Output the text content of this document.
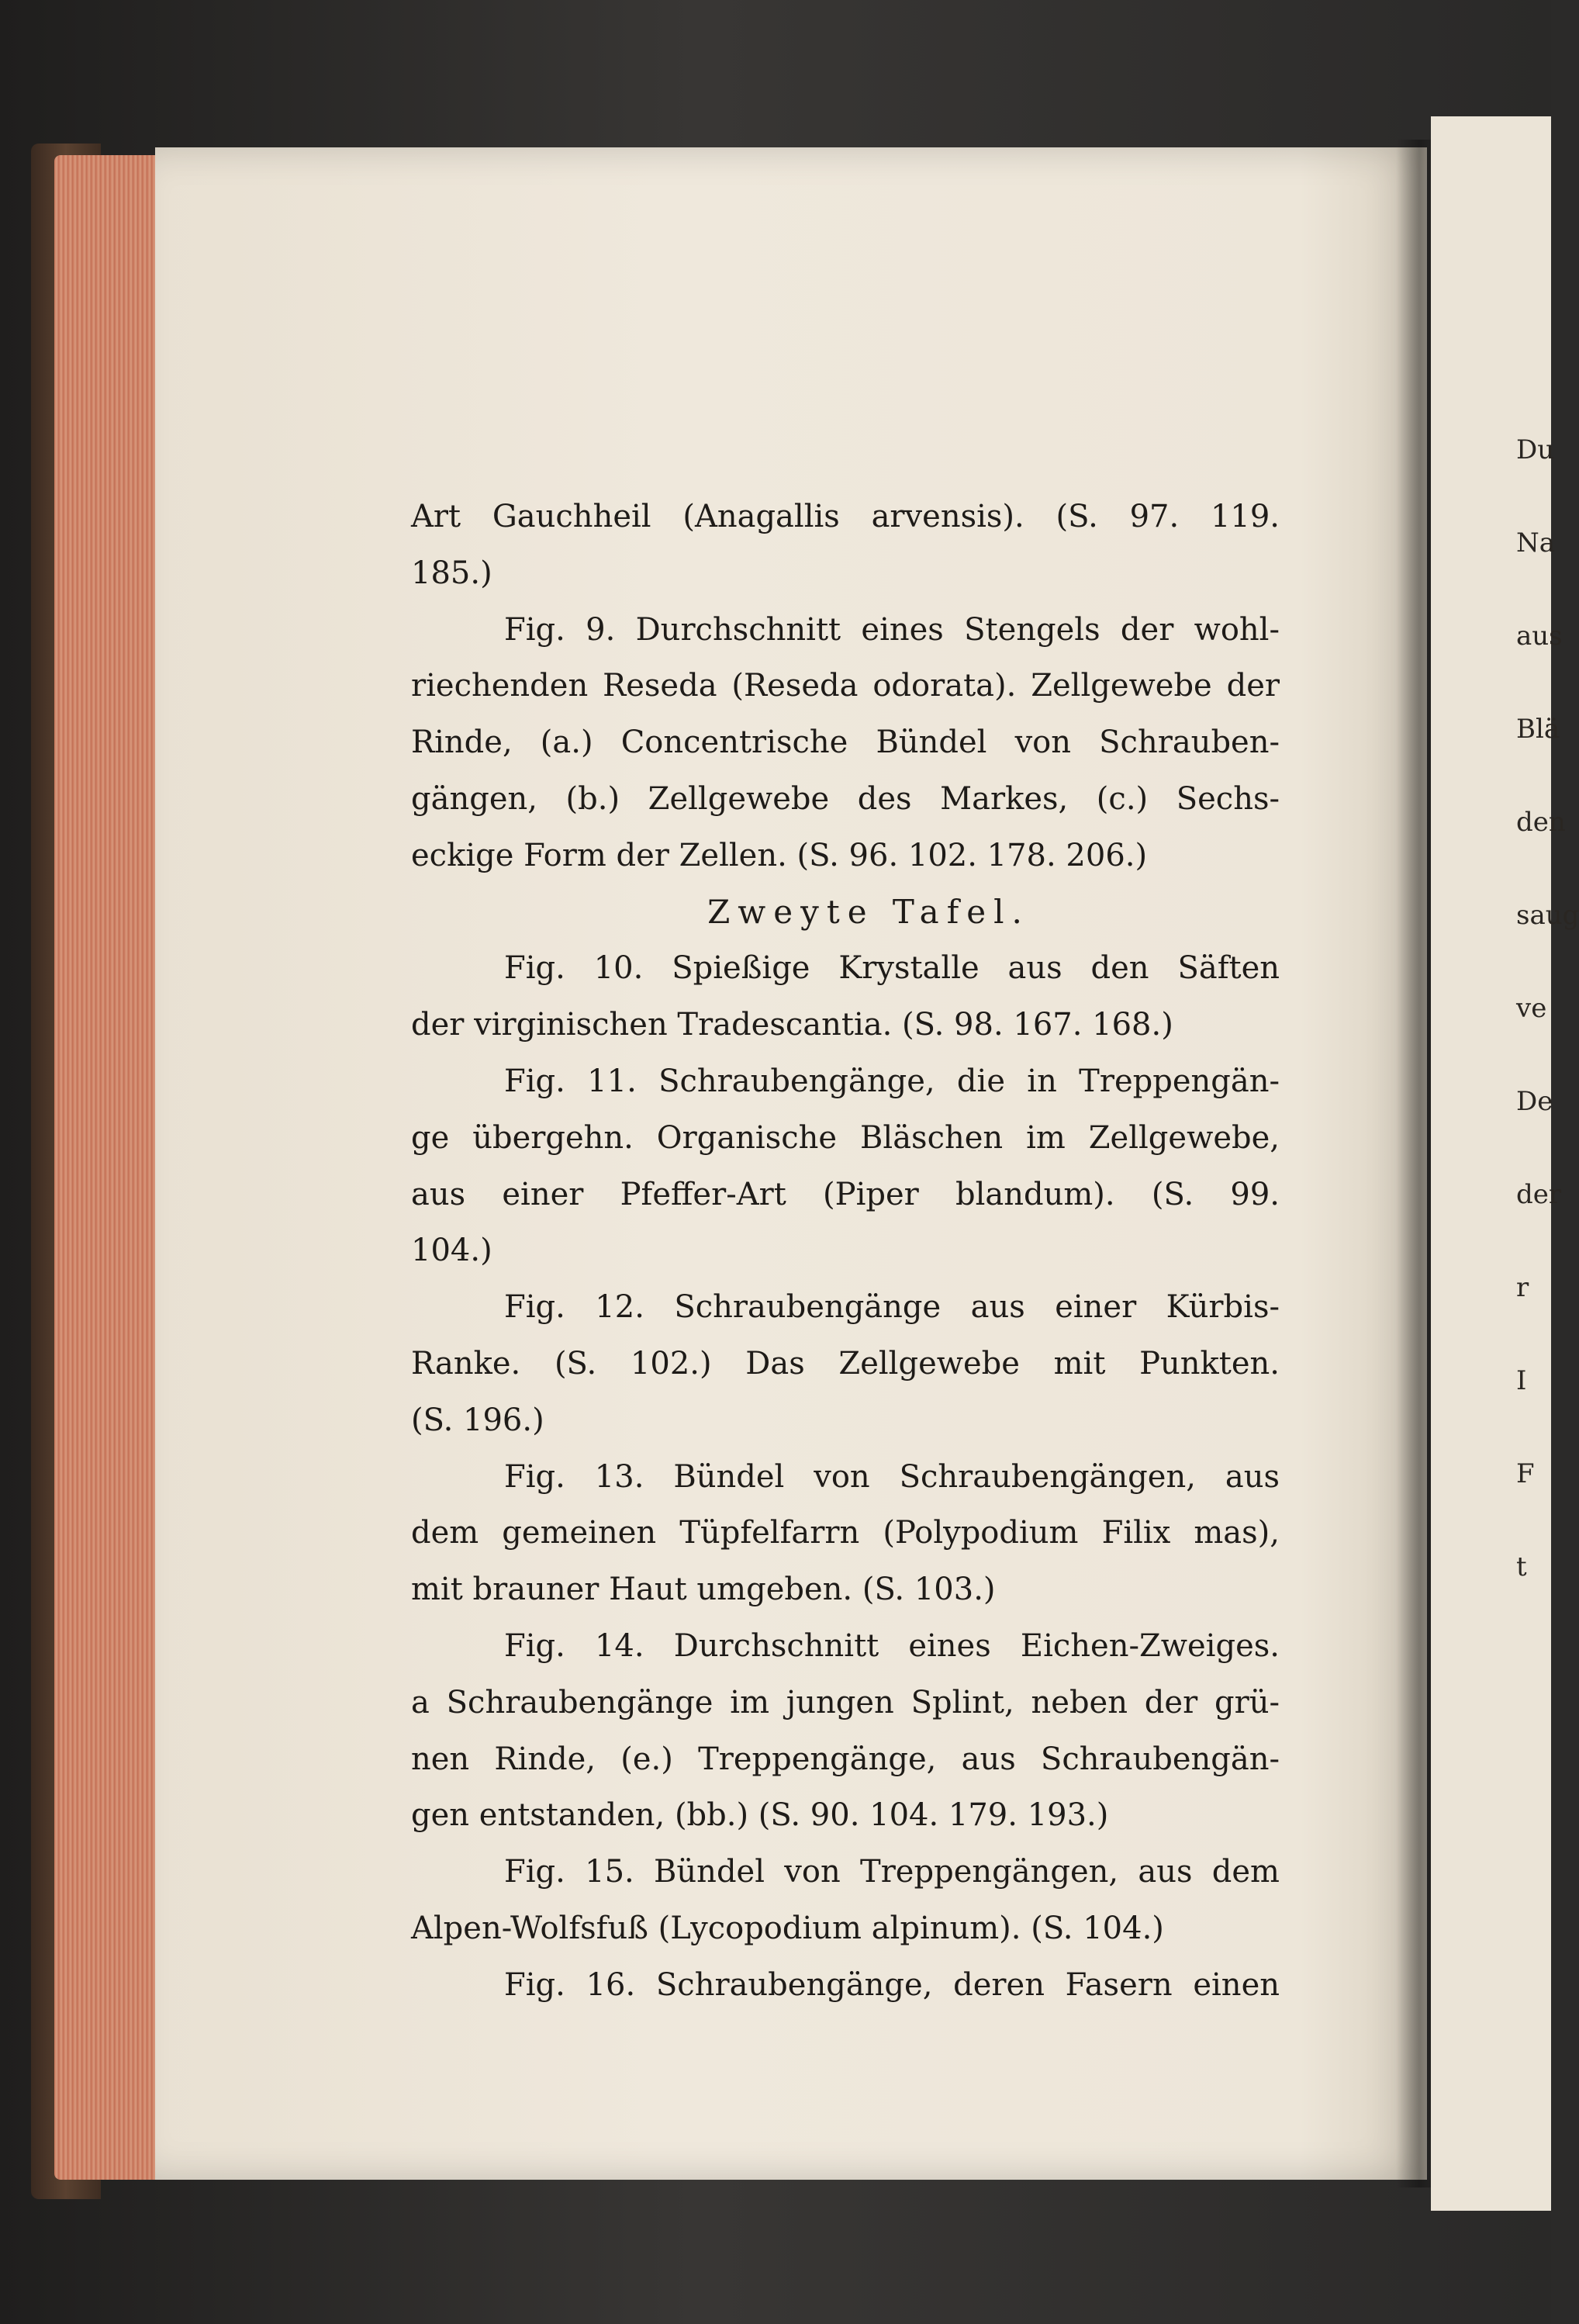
Art Gauchheil (Anagallis arvensis). (S. 97. 119.
185.)
Fig. 9. Durchschnitt eines Stengels der wohl-
riechenden Reseda (Reseda odorata). Zellgewebe der
Rinde, (a.) Concentrische Bündel von Schrauben-
gängen, (b.) Zellgewebe des Markes, (c.) Sechs-
eckige Form der Zellen. (S. 96. 102. 178. 206.)
Zweyte Tafel.
Fig. 10. Spießige Krystalle aus den Säften
der virginischen Tradescantia. (S. 98. 167. 168.)
Fig. 11. Schraubengänge, die in Treppengän-
ge übergehn. Organische Bläschen im Zellgewebe,
aus einer Pfeffer-Art (Piper blandum). (S. 99.
104.)
Fig. 12. Schraubengänge aus einer Kürbis-
Ranke. (S. 102.) Das Zellgewebe mit Punkten.
(S. 196.)
Fig. 13. Bündel von Schraubengängen, aus
dem gemeinen Tüpfelfarrn (Polypodium Filix mas),
mit brauner Haut umgeben. (S. 103.)
Fig. 14. Durchschnitt eines Eichen-Zweiges.
a Schraubengänge im jungen Splint, neben der grü-
nen Rinde, (e.) Treppengänge, aus Schraubengän-
gen entstanden, (bb.) (S. 90. 104. 179. 193.)
Fig. 15. Bündel von Treppengängen, aus dem
Alpen-Wolfsfuß (Lycopodium alpinum). (S. 104.)
Fig. 16. Schraubengänge, deren Fasern einen
Du
Na
aus
Blä
den
saug
ve
De
der
r
I
F
t
